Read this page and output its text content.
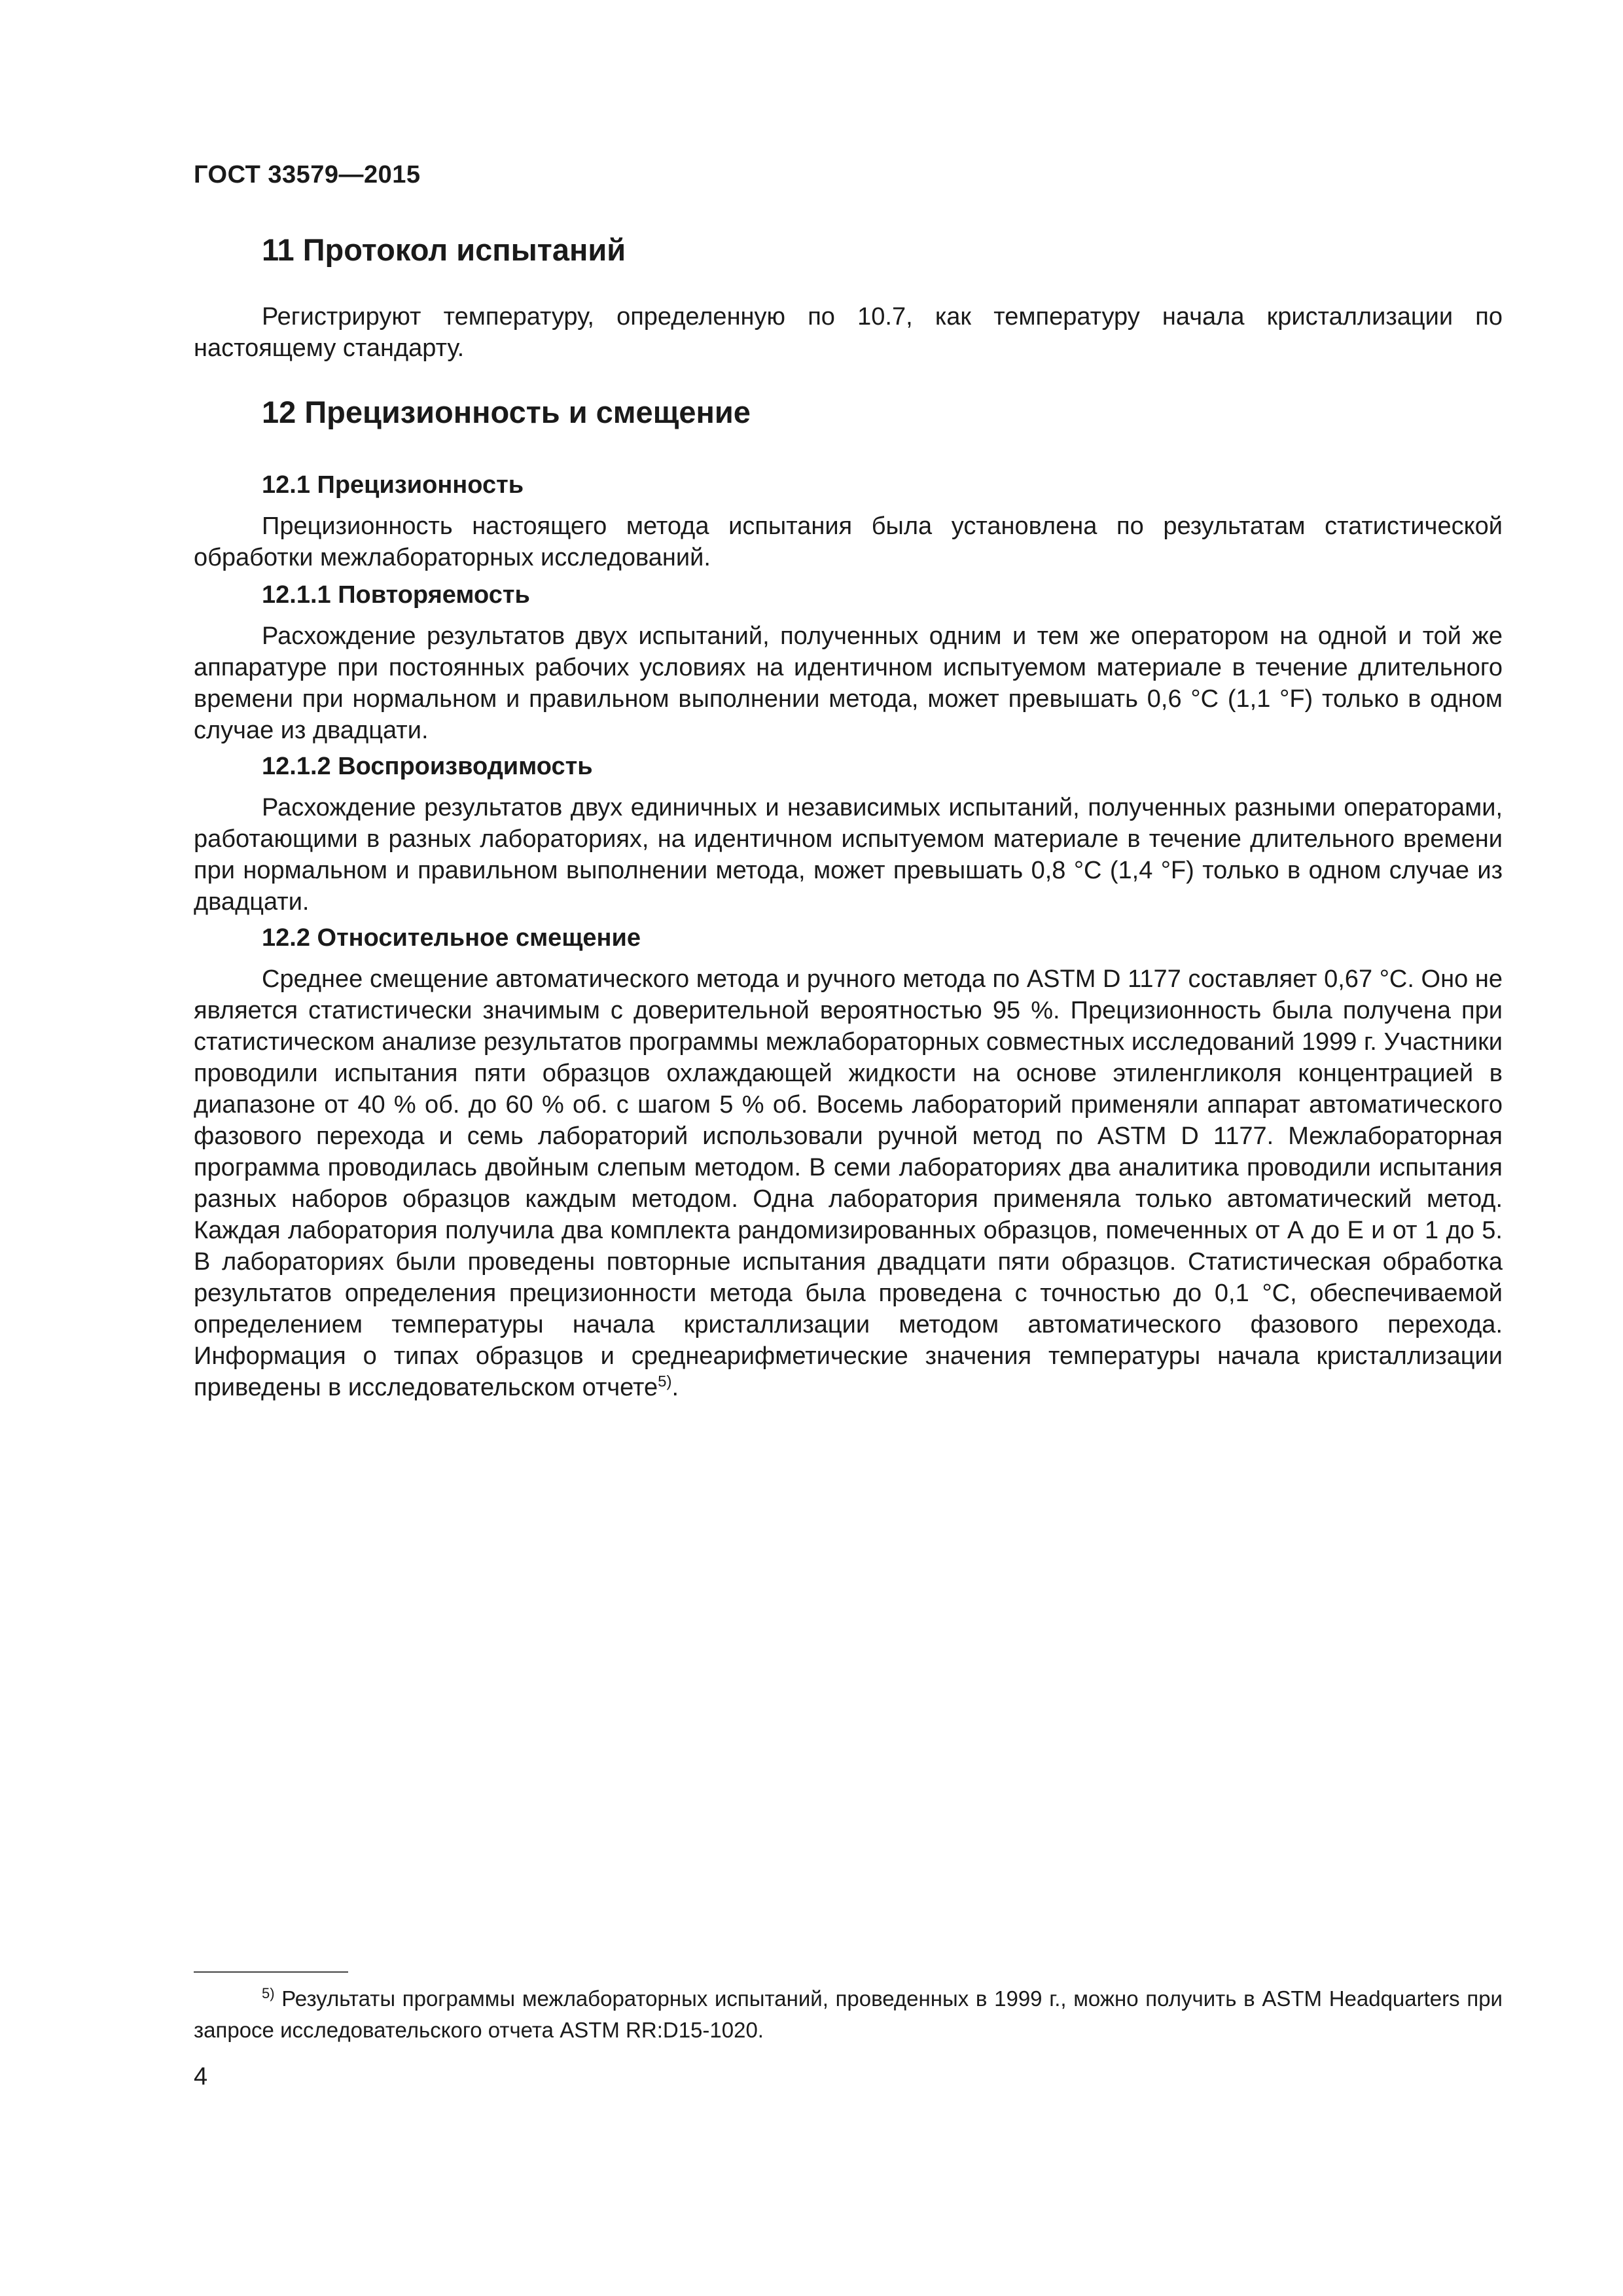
ГОСТ 33579—2015
11 Протокол испытаний

Регистрируют температуру, определенную по 10.7, как температуру начала кристаллизации по настоящему стандарту.

12 Прецизионность и смещение
12.1 Прецизионность

Прецизионность настоящего метода испытания была установлена по результатам статистической обработки межлабораторных исследований.

12.1.1 Повторяемость

Расхождение результатов двух испытаний, полученных одним и тем же оператором на одной и той же аппаратуре при постоянных рабочих условиях на идентичном испытуемом материале в течение длительного времени при нормальном и правильном выполнении метода, может превышать 0,6 °С (1,1 °F) только в одном случае из двадцати.

12.1.2 Воспроизводимость

Расхождение результатов двух единичных и независимых испытаний, полученных разными операторами, работающими в разных лабораториях, на идентичном испытуемом материале в течение длительного времени при нормальном и правильном выполнении метода, может превышать 0,8 °С (1,4 °F) только в одном случае из двадцати.

12.2 Относительное смещение

Среднее смещение автоматического метода и ручного метода по ASTM D 1177 составляет 0,67 °С. Оно не является статистически значимым с доверительной вероятностью 95 %. Прецизионность была получена при статистическом анализе результатов программы межлабораторных совместных исследований 1999 г. Участники проводили испытания пяти образцов охлаждающей жидкости на основе этиленгликоля концентрацией в диапазоне от 40 % об. до 60 % об. с шагом 5 % об. Восемь лабораторий применяли аппарат автоматического фазового перехода и семь лабораторий использовали ручной метод по ASTM D 1177. Межлабораторная программа проводилась двойным слепым методом. В семи лабораториях два аналитика проводили испытания разных наборов образцов каждым методом. Одна лаборатория применяла только автоматический метод. Каждая лаборатория получила два комплекта рандомизированных образцов, помеченных от А до Е и от 1 до 5. В лабораториях были проведены повторные испытания двадцати пяти образцов. Статистическая обработка результатов определения прецизионности метода была проведена с точностью до 0,1 °С, обеспечиваемой определением температуры начала кристаллизации методом автоматического фазового перехода. Информация о типах образцов и среднеарифметические значения температуры начала кристаллизации приведены в исследовательском отчете$^{5)}$.

$^{5)}$ Результаты программы межлабораторных испытаний, проведенных в 1999 г., можно получить в ASTM Headquarters при запросе исследовательского отчета ASTM RR:D15-1020.

4
